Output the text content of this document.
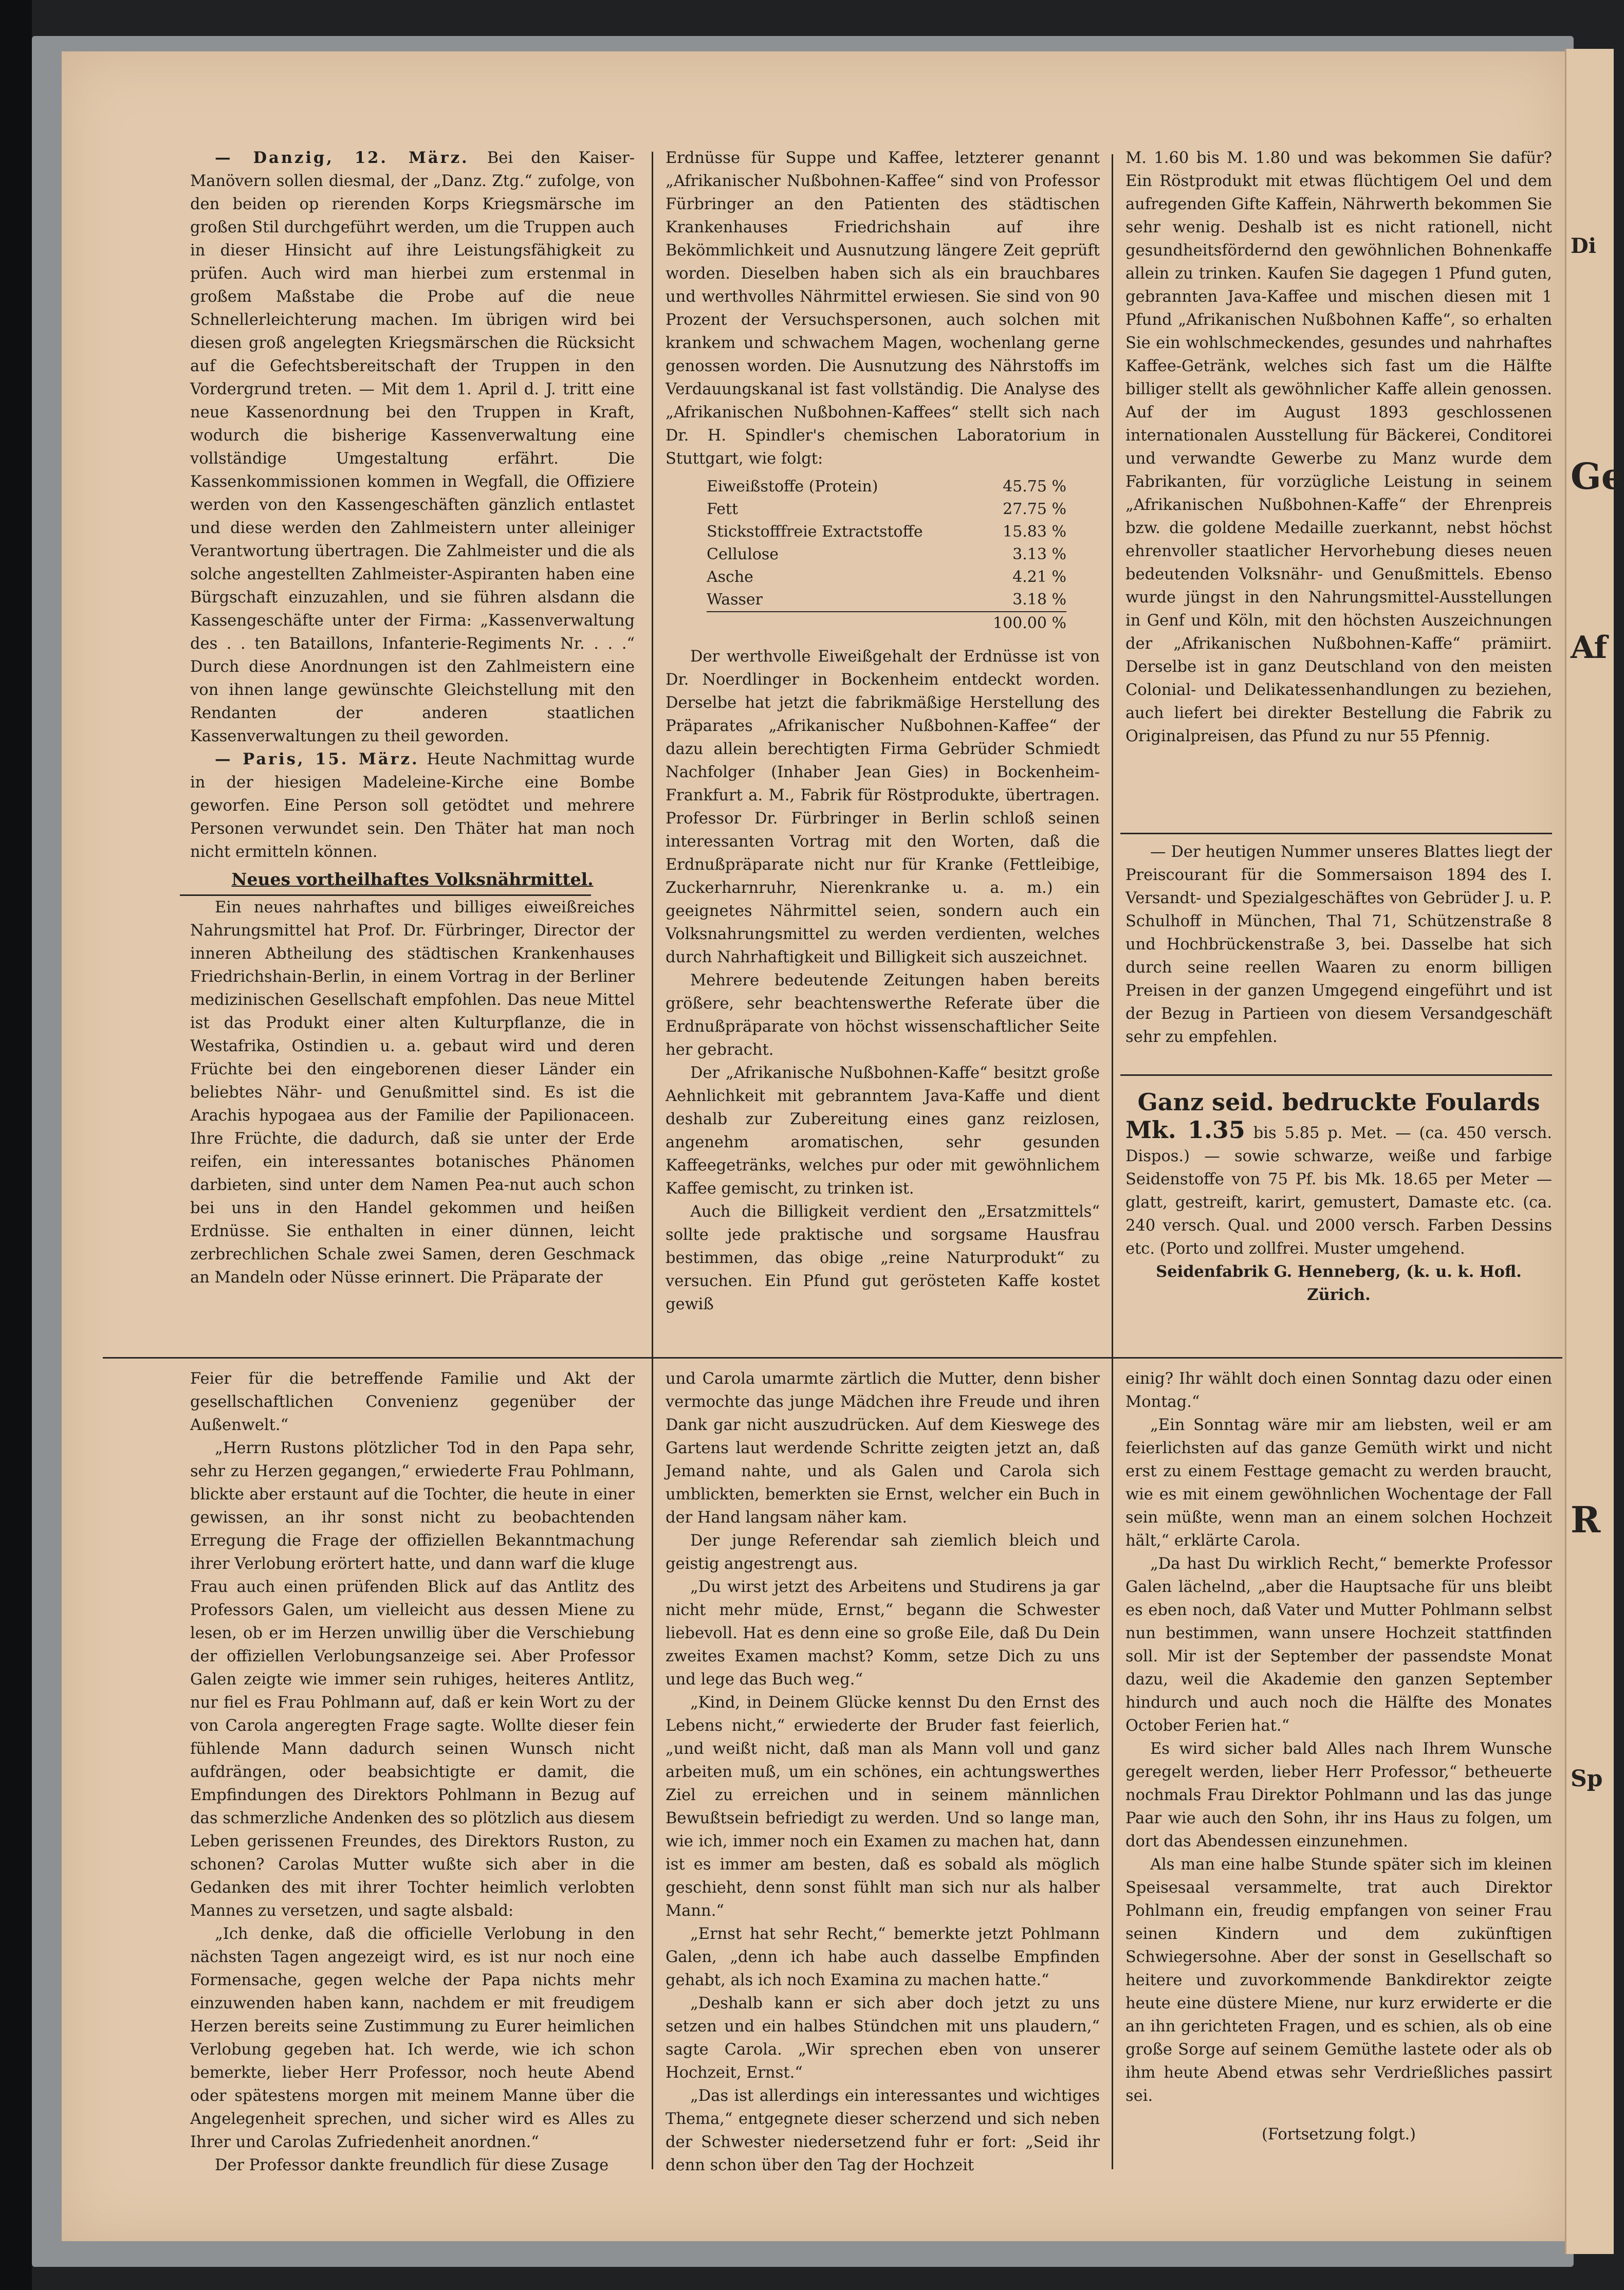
— Danzig, 12. März. Bei den Kaiser-Manövern sollen diesmal, der „Danz. Ztg.“ zufolge, von den beiden op rierenden Korps Kriegsmärsche im großen Stil durchgeführt werden, um die Truppen auch in dieser Hinsicht auf ihre Leistungsfähigkeit zu prüfen. Auch wird man hierbei zum erstenmal in großem Maßstabe die Probe auf die neue Schnellerleichterung machen. Im übrigen wird bei diesen groß angelegten Kriegsmärschen die Rücksicht auf die Gefechtsbereitschaft der Truppen in den Vordergrund treten. — Mit dem 1. April d. J. tritt eine neue Kassenordnung bei den Truppen in Kraft, wodurch die bisherige Kassenverwaltung eine vollständige Umgestaltung erfährt. Die Kassenkommissionen kommen in Wegfall, die Offiziere werden von den Kassengeschäften gänzlich entlastet und diese werden den Zahlmeistern unter alleiniger Verantwortung übertragen. Die Zahlmeister und die als solche angestellten Zahlmeister-Aspiranten haben eine Bürgschaft einzuzahlen, und sie führen alsdann die Kassengeschäfte unter der Firma: „Kassenverwaltung des . . ten Bataillons, Infanterie-Regiments Nr. . . .“ Durch diese Anordnungen ist den Zahlmeistern eine von ihnen lange gewünschte Gleichstellung mit den Rendanten der anderen staatlichen Kassenverwaltungen zu theil geworden.

— Paris, 15. März. Heute Nachmittag wurde in der hiesigen Madeleine-Kirche eine Bombe geworfen. Eine Person soll getödtet und mehrere Personen verwundet sein. Den Thäter hat man noch nicht ermitteln können.

Neues vortheilhaftes Volksnährmittel.

Ein neues nahrhaftes und billiges eiweißreiches Nahrungsmittel hat Prof. Dr. Fürbringer, Director der inneren Abtheilung des städtischen Krankenhauses Friedrichshain-Berlin, in einem Vortrag in der Berliner medizinischen Gesellschaft empfohlen. Das neue Mittel ist das Produkt einer alten Kulturpflanze, die in Westafrika, Ostindien u. a. gebaut wird und deren Früchte bei den eingeborenen dieser Länder ein beliebtes Nähr- und Genußmittel sind. Es ist die Arachis hypogaea aus der Familie der Papilionaceen. Ihre Früchte, die dadurch, daß sie unter der Erde reifen, ein interessantes botanisches Phänomen darbieten, sind unter dem Namen Pea-nut auch schon bei uns in den Handel gekommen und heißen Erdnüsse. Sie enthalten in einer dünnen, leicht zerbrechlichen Schale zwei Samen, deren Geschmack an Mandeln oder Nüsse erinnert. Die Präparate der

Erdnüsse für Suppe und Kaffee, letzterer genannt „Afrikanischer Nußbohnen-Kaffee“ sind von Professor Fürbringer an den Patienten des städtischen Krankenhauses Friedrichshain auf ihre Bekömmlichkeit und Ausnutzung längere Zeit geprüft worden. Dieselben haben sich als ein brauchbares und werthvolles Nährmittel erwiesen. Sie sind von 90 Prozent der Versuchspersonen, auch solchen mit krankem und schwachem Magen, wochenlang gerne genossen worden. Die Ausnutzung des Nährstoffs im Verdauungskanal ist fast vollständig. Die Analyse des „Afrikanischen Nußbohnen-Kaffees“ stellt sich nach Dr. H. Spindler's chemischen Laboratorium in Stuttgart, wie folgt:

Eiweißstoffe (Protein)	45.75 %
Fett	27.75 %
Stickstofffreie Extractstoffe	15.83 %
Cellulose	3.13 %
Asche	4.21 %
Wasser	3.18 %
100.00 %

Der werthvolle Eiweißgehalt der Erdnüsse ist von Dr. Noerdlinger in Bockenheim entdeckt worden. Derselbe hat jetzt die fabrikmäßige Herstellung des Präparates „Afrikanischer Nußbohnen-Kaffee“ der dazu allein berechtigten Firma Gebrüder Schmiedt Nachfolger (Inhaber Jean Gies) in Bockenheim-Frankfurt a. M., Fabrik für Röstprodukte, übertragen. Professor Dr. Fürbringer in Berlin schloß seinen interessanten Vortrag mit den Worten, daß die Erdnußpräparate nicht nur für Kranke (Fettleibige, Zuckerharnruhr, Nierenkranke u. a. m.) ein geeignetes Nährmittel seien, sondern auch ein Volksnahrungsmittel zu werden verdienten, welches durch Nahrhaftigkeit und Billigkeit sich auszeichnet.

Mehrere bedeutende Zeitungen haben bereits größere, sehr beachtenswerthe Referate über die Erdnußpräparate von höchst wissenschaftlicher Seite her gebracht.

Der „Afrikanische Nußbohnen-Kaffe“ besitzt große Aehnlichkeit mit gebranntem Java-Kaffe und dient deshalb zur Zubereitung eines ganz reizlosen, angenehm aromatischen, sehr gesunden Kaffeegetränks, welches pur oder mit gewöhnlichem Kaffee gemischt, zu trinken ist.

Auch die Billigkeit verdient den „Ersatzmittels“ sollte jede praktische und sorgsame Hausfrau bestimmen, das obige „reine Naturprodukt“ zu versuchen. Ein Pfund gut gerösteten Kaffe kostet gewiß

M. 1.60 bis M. 1.80 und was bekommen Sie dafür? Ein Röstprodukt mit etwas flüchtigem Oel und dem aufregenden Gifte Kaffein, Nährwerth bekommen Sie sehr wenig. Deshalb ist es nicht rationell, nicht gesundheitsfördernd den gewöhnlichen Bohnenkaffe allein zu trinken. Kaufen Sie dagegen 1 Pfund guten, gebrannten Java-Kaffee und mischen diesen mit 1 Pfund „Afrikanischen Nußbohnen Kaffe“, so erhalten Sie ein wohlschmeckendes, gesundes und nahrhaftes Kaffee-Getränk, welches sich fast um die Hälfte billiger stellt als gewöhnlicher Kaffe allein genossen. Auf der im August 1893 geschlossenen internationalen Ausstellung für Bäckerei, Conditorei und verwandte Gewerbe zu Manz wurde dem Fabrikanten, für vorzügliche Leistung in seinem „Afrikanischen Nußbohnen-Kaffe“ der Ehrenpreis bzw. die goldene Medaille zuerkannt, nebst höchst ehrenvoller staatlicher Hervorhebung dieses neuen bedeutenden Volksnähr- und Genußmittels. Ebenso wurde jüngst in den Nahrungsmittel-Ausstellungen in Genf und Köln, mit den höchsten Auszeichnungen der „Afrikanischen Nußbohnen-Kaffe“ prämiirt. Derselbe ist in ganz Deutschland von den meisten Colonial- und Delikatessenhandlungen zu beziehen, auch liefert bei direkter Bestellung die Fabrik zu Originalpreisen, das Pfund zu nur 55 Pfennig.

— Der heutigen Nummer unseres Blattes liegt der Preiscourant für die Sommersaison 1894 des I. Versandt- und Spezialgeschäftes von Gebrüder J. u. P. Schulhoff in München, Thal 71, Schützenstraße 8 und Hochbrückenstraße 3, bei. Dasselbe hat sich durch seine reellen Waaren zu enorm billigen Preisen in der ganzen Umgegend eingeführt und ist der Bezug in Partieen von diesem Versandgeschäft sehr zu empfehlen.

Ganz seid. bedruckte Foulards

Mk. 1.35 bis 5.85 p. Met. — (ca. 450 versch. Dispos.) — sowie schwarze, weiße und farbige Seidenstoffe von 75 Pf. bis Mk. 18.65 per Meter — glatt, gestreift, karirt, gemustert, Damaste etc. (ca. 240 versch. Qual. und 2000 versch. Farben Dessins etc. (Porto und zollfrei. Muster umgehend.

Seidenfabrik G. Henneberg, (k. u. k. Hofl.

Zürich.

Feier für die betreffende Familie und Akt der gesellschaftlichen Convenienz gegenüber der Außenwelt.“

„Herrn Rustons plötzlicher Tod in den Papa sehr, sehr zu Herzen gegangen,“ erwiederte Frau Pohlmann, blickte aber erstaunt auf die Tochter, die heute in einer gewissen, an ihr sonst nicht zu beobachtenden Erregung die Frage der offiziellen Bekanntmachung ihrer Verlobung erörtert hatte, und dann warf die kluge Frau auch einen prüfenden Blick auf das Antlitz des Professors Galen, um vielleicht aus dessen Miene zu lesen, ob er im Herzen unwillig über die Verschiebung der offiziellen Verlobungsanzeige sei. Aber Professor Galen zeigte wie immer sein ruhiges, heiteres Antlitz, nur fiel es Frau Pohlmann auf, daß er kein Wort zu der von Carola angeregten Frage sagte. Wollte dieser fein fühlende Mann dadurch seinen Wunsch nicht aufdrängen, oder beabsichtigte er damit, die Empfindungen des Direktors Pohlmann in Bezug auf das schmerzliche Andenken des so plötzlich aus diesem Leben gerissenen Freundes, des Direktors Ruston, zu schonen? Carolas Mutter wußte sich aber in die Gedanken des mit ihrer Tochter heimlich verlobten Mannes zu versetzen, und sagte alsbald:

„Ich denke, daß die officielle Verlobung in den nächsten Tagen angezeigt wird, es ist nur noch eine Formensache, gegen welche der Papa nichts mehr einzuwenden haben kann, nachdem er mit freudigem Herzen bereits seine Zustimmung zu Eurer heimlichen Verlobung gegeben hat. Ich werde, wie ich schon bemerkte, lieber Herr Professor, noch heute Abend oder spätestens morgen mit meinem Manne über die Angelegenheit sprechen, und sicher wird es Alles zu Ihrer und Carolas Zufriedenheit anordnen.“

Der Professor dankte freundlich für diese Zusage

und Carola umarmte zärtlich die Mutter, denn bisher vermochte das junge Mädchen ihre Freude und ihren Dank gar nicht auszudrücken. Auf dem Kieswege des Gartens laut werdende Schritte zeigten jetzt an, daß Jemand nahte, und als Galen und Carola sich umblickten, bemerkten sie Ernst, welcher ein Buch in der Hand langsam näher kam.

Der junge Referendar sah ziemlich bleich und geistig angestrengt aus.

„Du wirst jetzt des Arbeitens und Studirens ja gar nicht mehr müde, Ernst,“ begann die Schwester liebevoll. Hat es denn eine so große Eile, daß Du Dein zweites Examen machst? Komm, setze Dich zu uns und lege das Buch weg.“

„Kind, in Deinem Glücke kennst Du den Ernst des Lebens nicht,“ erwiederte der Bruder fast feierlich, „und weißt nicht, daß man als Mann voll und ganz arbeiten muß, um ein schönes, ein achtungswerthes Ziel zu erreichen und in seinem männlichen Bewußtsein befriedigt zu werden. Und so lange man, wie ich, immer noch ein Examen zu machen hat, dann ist es immer am besten, daß es sobald als möglich geschieht, denn sonst fühlt man sich nur als halber Mann.“

„Ernst hat sehr Recht,“ bemerkte jetzt Pohlmann Galen, „denn ich habe auch dasselbe Empfinden gehabt, als ich noch Examina zu machen hatte.“

„Deshalb kann er sich aber doch jetzt zu uns setzen und ein halbes Stündchen mit uns plaudern,“ sagte Carola. „Wir sprechen eben von unserer Hochzeit, Ernst.“

„Das ist allerdings ein interessantes und wichtiges Thema,“ entgegnete dieser scherzend und sich neben der Schwester niedersetzend fuhr er fort: „Seid ihr denn schon über den Tag der Hochzeit

einig? Ihr wählt doch einen Sonntag dazu oder einen Montag.“

„Ein Sonntag wäre mir am liebsten, weil er am feierlichsten auf das ganze Gemüth wirkt und nicht erst zu einem Festtage gemacht zu werden braucht, wie es mit einem gewöhnlichen Wochentage der Fall sein müßte, wenn man an einem solchen Hochzeit hält,“ erklärte Carola.

„Da hast Du wirklich Recht,“ bemerkte Professor Galen lächelnd, „aber die Hauptsache für uns bleibt es eben noch, daß Vater und Mutter Pohlmann selbst nun bestimmen, wann unsere Hochzeit stattfinden soll. Mir ist der September der passendste Monat dazu, weil die Akademie den ganzen September hindurch und auch noch die Hälfte des Monates October Ferien hat.“

Es wird sicher bald Alles nach Ihrem Wunsche geregelt werden, lieber Herr Professor,“ betheuerte nochmals Frau Direktor Pohlmann und las das junge Paar wie auch den Sohn, ihr ins Haus zu folgen, um dort das Abendessen einzunehmen.

Als man eine halbe Stunde später sich im kleinen Speisesaal versammelte, trat auch Direktor Pohlmann ein, freudig empfangen von seiner Frau seinen Kindern und dem zukünftigen Schwiegersohne. Aber der sonst in Gesellschaft so heitere und zuvorkommende Bankdirektor zeigte heute eine düstere Miene, nur kurz erwiderte er die an ihn gerichteten Fragen, und es schien, als ob eine große Sorge auf seinem Gemüthe lastete oder als ob ihm heute Abend etwas sehr Verdrießliches passirt sei.

(Fortsetzung folgt.)

Di
Ge
Af
R
Sp
